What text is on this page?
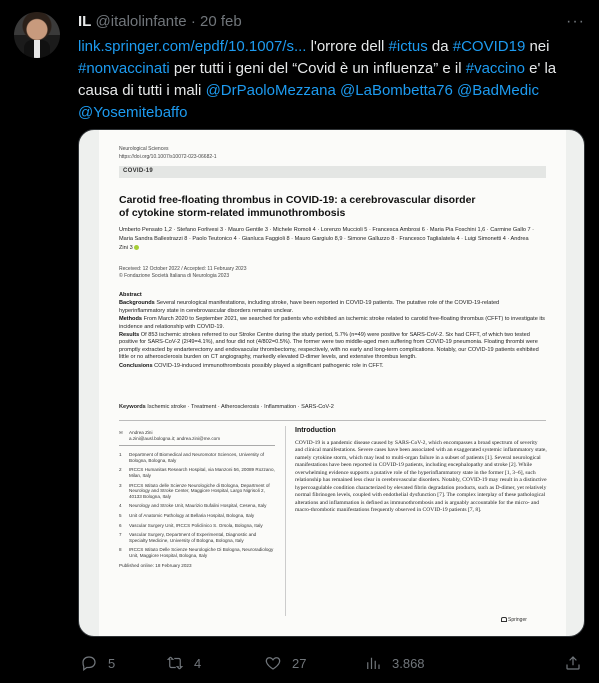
IL @italolinfante · 20 feb	···
link.springer.com/epdf/10.1007/s... l'orrore dell #ictus da #COVID19 nei #nonvaccinati per tutti i geni del “Covid è un influenza” e il #vaccino e' la causa di tutti i mali @DrPaoloMezzana @LaBombetta76 @BadMedic @Yosemitebaffo
Neurological Sciences
https://doi.org/10.1007/s10072-023-06682-1
COVID-19
Carotid free-floating thrombus in COVID-19: a cerebrovascular disorder of cytokine storm-related immunothrombosis
Umberto Pensato 1,2 · Stefano Forlivesi 3 · Mauro Gentile 3 · Michele Romoli 4 · Lorenzo Muccioli 5 · Francesca Ambrosi 6 · Maria Pia Foschini 1,6 · Carmine Gallo 7 · Maria Sandra Ballestrazzi 8 · Paolo Teutonico 4 · Gianluca Faggioli 8 · Mauro Gargiulo 8,9 · Simone Galluzzo 8 · Francesco Taglialatela 4 · Luigi Simonetti 4 · Andrea Zini 3
Received: 12 October 2022 / Accepted: 11 February 2023
© Fondazione Società Italiana di Neurologia 2023

Abstract

Backgrounds Several neurological manifestations, including stroke, have been reported in COVID-19 patients. The putative role of the COVID-19-related hyperinflammatory state in cerebrovascular disorders remains unclear.

Methods From March 2020 to September 2021, we searched for patients who exhibited an ischemic stroke related to carotid free-floating thrombus (CFFT) to investigate its incidence and relationship with COVID-19.

Results Of 853 ischemic strokes referred to our Stroke Centre during the study period, 5.7% (n=49) were positive for SARS-CoV-2. Six had CFFT, of which two tested positive for SARS-CoV-2 (2/49=4.1%), and four did not (4/802=0.5%). The former were two middle-aged men suffering from COVID-19 pneumonia. Floating thrombi were promptly extracted by endarterectomy and endovascular thrombectomy, respectively, with no early and long-term complications. Notably, our COVID-19 patients exhibited little or no atherosclerosis burden on CT angiography, markedly elevated D-dimer levels, and extensive thrombus length.

Conclusions COVID-19-induced immunothrombosis possibly played a significant pathogenic role in CFFT.

Keywords Ischemic stroke · Treatment · Atherosclerosis · Inflammation · SARS-CoV-2
✉ Andrea Zini
a.zini@ausl.bologna.it; andrea.zini@me.com
1 Department of Biomedical and Neuromotor Sciences, University of Bologna, Bologna, Italy
2 IRCCS Humanitas Research Hospital, via Manzoni 56, 20089 Rozzano, Milan, Italy
3 IRCCS Istituto delle Scienze Neurologiche di Bologna, Department of Neurology and Stroke Center, Maggiore Hospital, Largo Nigrisoli 2, 40133 Bologna, Italy
4 Neurology and Stroke Unit, Maurizio Bufalini Hospital, Cesena, Italy
5 Unit of Anatomic Pathology at Bellaria Hospital, Bologna, Italy
6 Vascular Surgery Unit, IRCCS Policlinico S. Orsola, Bologna, Italy
7 Vascular Surgery, Department of Experimental, Diagnostic and Specialty Medicine, University of Bologna, Bologna, Italy
8 IRCCS Istituto Delle Scienze Neurologiche Di Bologna, Neuroradiology Unit, Maggiore Hospital, Bologna, Italy
Published online: 18 February 2023
Introduction
COVID-19 is a pandemic disease caused by SARS-CoV-2, which encompasses a broad spectrum of severity and clinical manifestations. Severe cases have been associated with an exaggerated systemic inflammatory state, namely cytokine storm, which may lead to multi-organ failure in a subset of patients [1]. Several neurological manifestations have been reported in COVID-19 patients, including encephalopathy and stroke [2]. While overwhelming evidence supports a putative role of the hyperinflammatory state in the former [1, 3–6], such relationship has remained less clear in cerebrovascular disorders. Notably, COVID-19 may result in a distinctive hypercoagulable condition characterized by elevated fibrin degradation products, such as D-dimer, yet relatively normal fibrinogen levels, coupled with endothelial dysfunction [7]. The complex interplay of these pathological alterations and inflammation is defined as immunothrombosis and is arguably accountable for the micro- and macro-thrombotic manifestations frequently observed in COVID-19 patients [7, 8].
Springer
5	4	27	3.868
